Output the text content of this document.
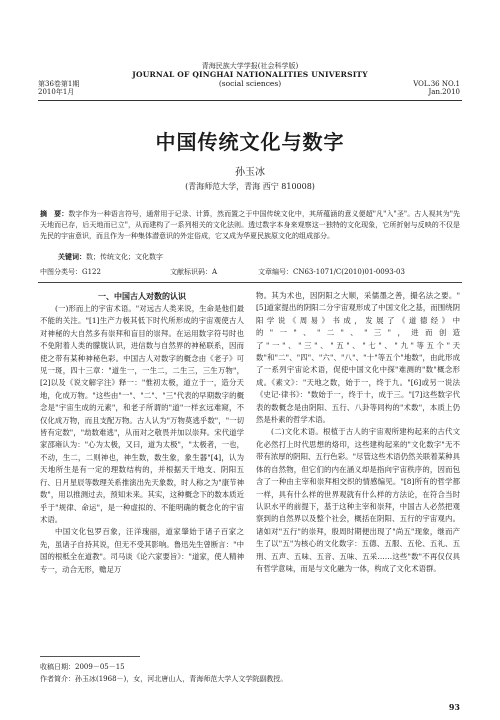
青海民族大学学报(社会科学版)
第36卷第1期
2010年1月
JOURNAL OF QINGHAI NATIONALITIES UNIVERSITY
(social sciences)	VOL.36 NO.1
Jan.2010
中国传统文化与数字
孙玉冰
(青海师范大学，青海 西宁 810008)
摘　要：数字作为一种语言符号，通常用于记录、计算，然而置之于中国传统文化中，其所蕴涵的意义便超"凡"入"圣"。古人视其为"先天地而已存，后天地而已立"，从而建构了一系列相关的文化法则。透过数字本身来观察这一独特的文化现象，它所折射与反映的不仅是先民的宇宙意识，而且作为一种集体潜意识的外定俗成，它又成为华夏民族原文化的组成部分。
关键词：数；传统文化；文化数字
中图分类号：G122	文献标识码：A	文章编号：CN63-1071/C(2010)01-0093-03
一、中国古人对数的认识

(一)形而上的宇宙术语。"对远古人类来说，生命是他们最不能的关注。"[1]生产力极其低下时代所形成的宇宙观使古人对神秘的大自然多有崇拜和盲目的崇拜。在运用数字符号时也不免附着人类的朦胧认识，进信数与自然界的神秘联系，因而使之带有某种神秘色彩。中国古人对数字的概念由《老子》可见一斑，四十三章："道生一，一生二，二生三，三生万物"，[2]以及《说文解字注》释一："惟初太极，道立于一，造分天地，化成万物。"这些由"一"、"二"、"三"代表的早期数字的概念是"宇宙生成的元素"，和老子所谓的"道"一样玄远难窥，不仅化成万物，而且支配万物。古人认为"万物莫逃乎数"，"一切皆有定数"，"劫数难逃"，从而对之敬畏并加以崇拜。宋代道学家邵雍认为："心为太极，又曰，道为太极"，"太极者，一也，不动，生二，二则神也，神生数，数生象，象生器"[4]，认为天地所生是有一定的理数结构的，并根据天干地支、阴阳五行、日月星辰等数理关系推演出先天象数，时人称之为"康节神数"，用以推测过去，预知未来。其实，这种概念下的数本质近乎于"规律、命运"，是一种虚拟的、不能明确的概念化的宇宙术语。

中国文化包罗百象，汪洋瑰丽，道家肇始于诸子百家之先，虽诸子自持其说，但无不受其影响。鲁迅先生曾断言："中国的根柢全在道教"。司马谈《论六家要旨》："道家，使人精神专一，动合无形，赡足万

物。其为术也，因阴阳之大顺，采儒墨之善，撮名法之要。"[5]道家提出的阴阳二分宇宙观形成了中国文化之基，而围绕阴阳学说《周易》书成，发展了《道德经》中的"一"、"二"、"三"，进而创造了"一"、"三"、"五"、"七"、"九"等五个"天数"和"二"、"四"、"六"、"八"、"十"等五个"地数"，由此形成了一系列宇宙论术语，促使中国文化中探"难测的"数"概念形成。《素文》："天地之数，始于一，终于九。"[6]或另一说法《史记·律书》："数始于一，终于十，成于三。"[7]这些数字代表的数概念是由阴阳、五行、八卦等同构的"术数"，本质上仍然是朴素的哲学术语。

(二)文化术语。根植于古人的宇宙观所建构起来的古代文化必然打上时代思想的烙印，这些建构起来的"文化数字"无不带有浓厚的阴阳、五行色彩。"尽管这些术语仍然关联着某种具体的自然物，但它们的内在涵义却是指向宇宙秩序的，因而包含了一种由主宰和崇拜相交织的情感编见。"[8]所有的哲学都一样，具有什么样的世界观就有什么样的方法论，在符合当时认识水平的前提下，基于这种主宰和崇拜，中国古人必然把观察到的自然界以及整个社会，概括在阴阳、五行的宇宙观内。诸如对"五行"的崇拜，殷周时期便出现了"尚五"现象，继而产生了以"五"为核心的文化数字：五德、五服、五伦、五礼、五刑、五声、五味、五音、五味、五采……这些"数"不再仅仅具有哲学意味，而是与文化融为一体，构成了文化术语群。

收稿日期：2009－05－15
作者简介：孙玉冰(1968－)，女，河北唐山人，青海师范大学人文学院副教授。
93
